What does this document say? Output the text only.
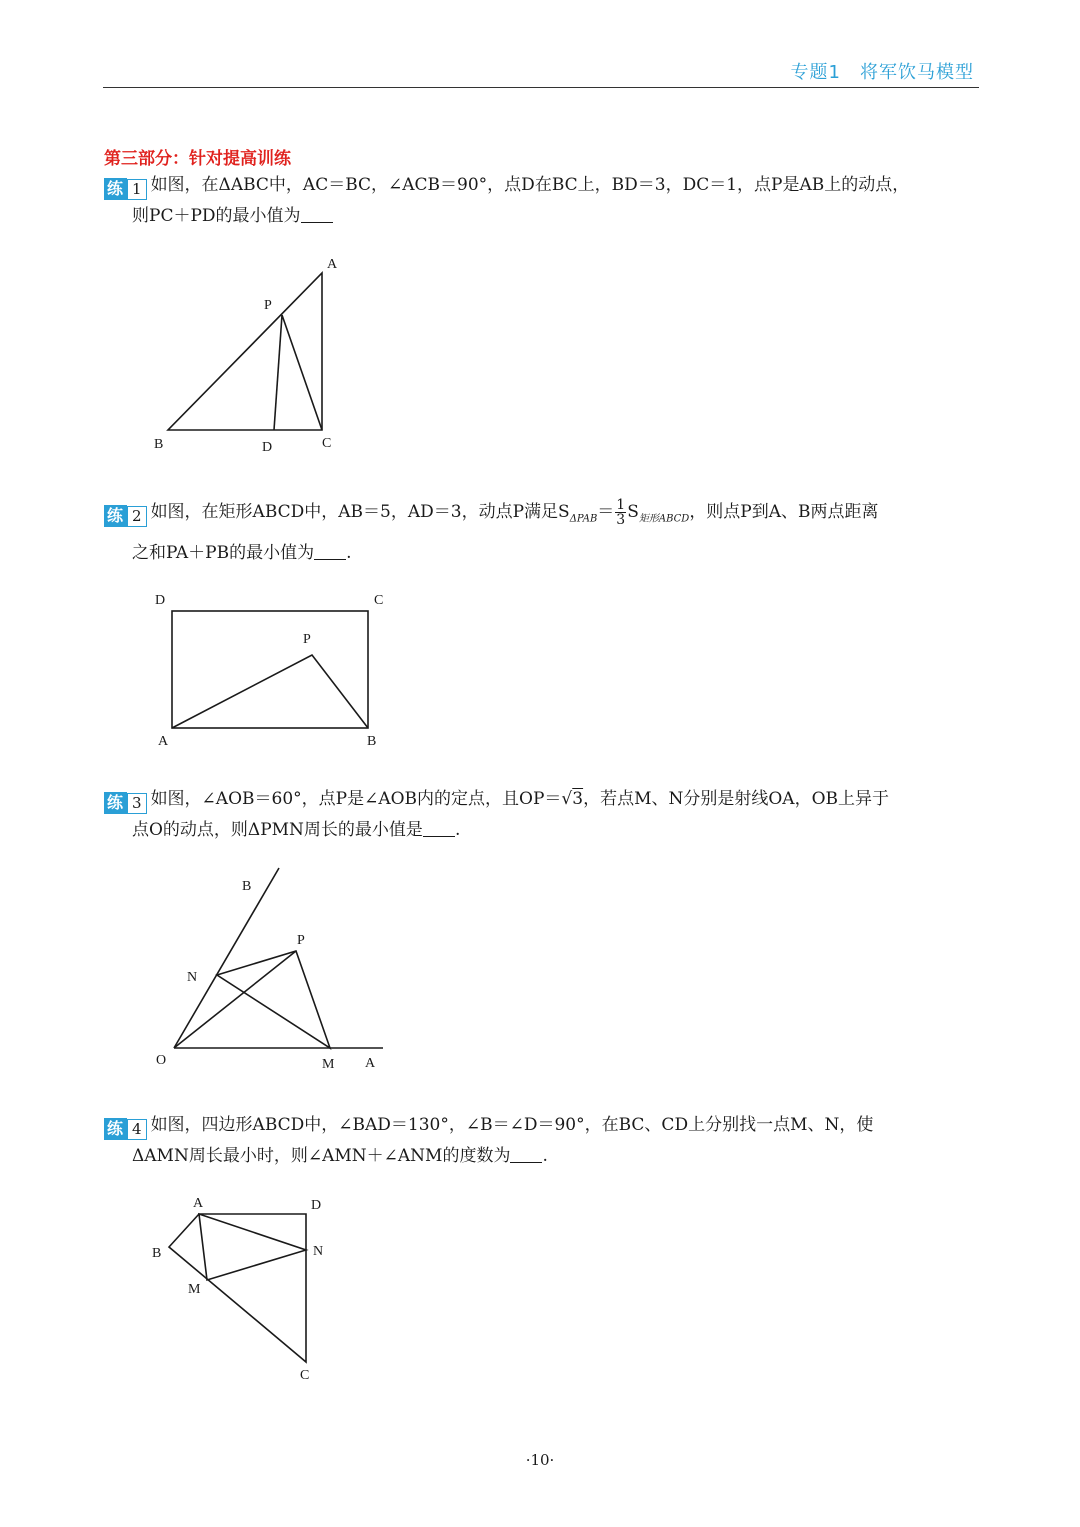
专题1　将军饮马模型
第三部分：针对提高训练
练 1 如图，在ΔABC中，AC＝BC，∠ACB＝90°，点D在BC上，BD＝3，DC＝1，点P是AB上的动点，
则PC＋PD的最小值为
A
P
B	D	C
练 2 如图，在矩形ABCD中，AB＝5，AD＝3，动点P满足$S_{\Delta PAB}= \frac{1}{3} S_{矩形ABCD}$，则点P到A、B两点距离
之和PA＋PB的最小值为 .
D	C
P
A	B
练 3 如图，∠AOB＝60°，点P是∠AOB内的定点，且OP＝√3，若点M、N分别是射线OA，OB上异于
点O的动点，则ΔPMN周长的最小值是 .
B
P
N
O	M A
练 4 如图，四边形ABCD中，∠BAD＝130°，∠B＝∠D＝90°，在BC、CD上分别找一点M、N，使
ΔAMN周长最小时，则∠AMN＋∠ANM的度数为 .
A	D
B	N
M
C
·10·
